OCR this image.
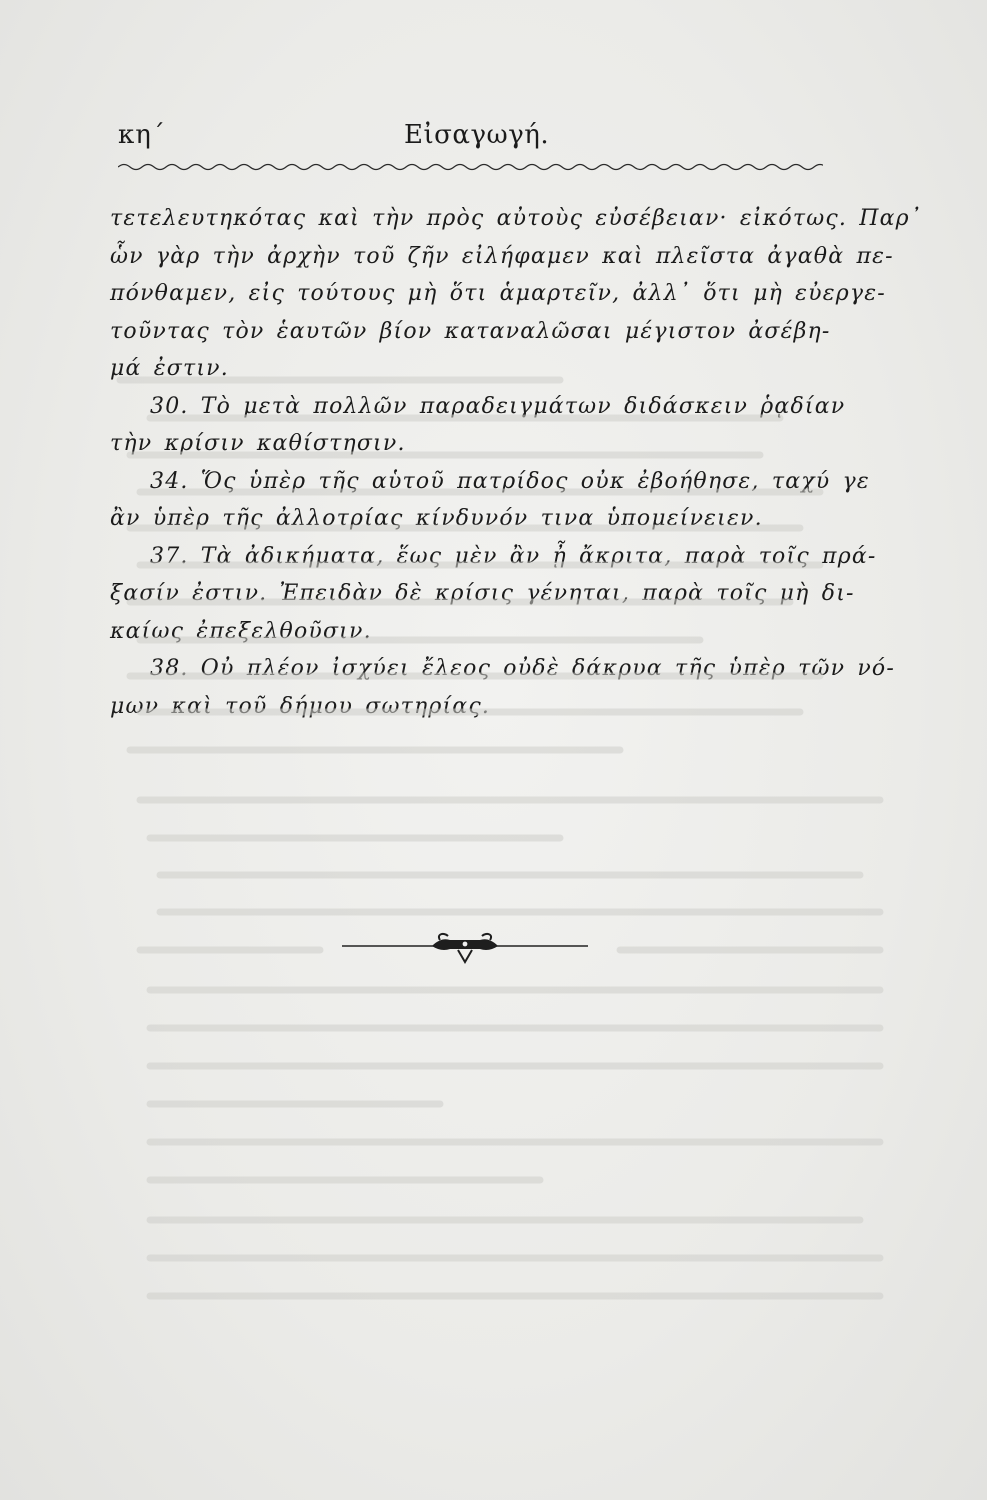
κη΄	Εἰσαγωγή.
τετελευτηκότας καὶ τὴν πρὸς αὐτοὺς εὐσέβειαν· εἰκότως. Παρ᾽
ὧν γὰρ τὴν ἀρχὴν τοῦ ζῆν εἰλήφαμεν καὶ πλεῖστα ἀγαθὰ πε-
πόνθαμεν, εἰς τούτους μὴ ὅτι ἁμαρτεῖν, ἀλλ᾽ ὅτι μὴ εὐεργε-
τοῦντας τὸν ἑαυτῶν βίον καταναλῶσαι μέγιστον ἀσέβη-
μά ἐστιν.
30. Τὸ μετὰ πολλῶν παραδειγμάτων διδάσκειν ῥᾳδίαν
τὴν κρίσιν καθίστησιν.
34. Ὅς ὑπὲρ τῆς αὑτοῦ πατρίδος οὐκ ἐβοήθησε, ταχύ γε
ἂν ὑπὲρ τῆς ἀλλοτρίας κίνδυνόν τινα ὑπομείνειεν.
37. Τὰ ἀδικήματα, ἕως μὲν ἂν ᾖ ἄκριτα, παρὰ τοῖς πρά-
ξασίν ἐστιν. Ἐπειδὰν δὲ κρίσις γένηται, παρὰ τοῖς μὴ δι-
καίως ἐπεξελθοῦσιν.
38. Οὐ πλέον ἰσχύει ἔλεος οὐδὲ δάκρυα τῆς ὑπὲρ τῶν νό-
μων καὶ τοῦ δήμου σωτηρίας.
